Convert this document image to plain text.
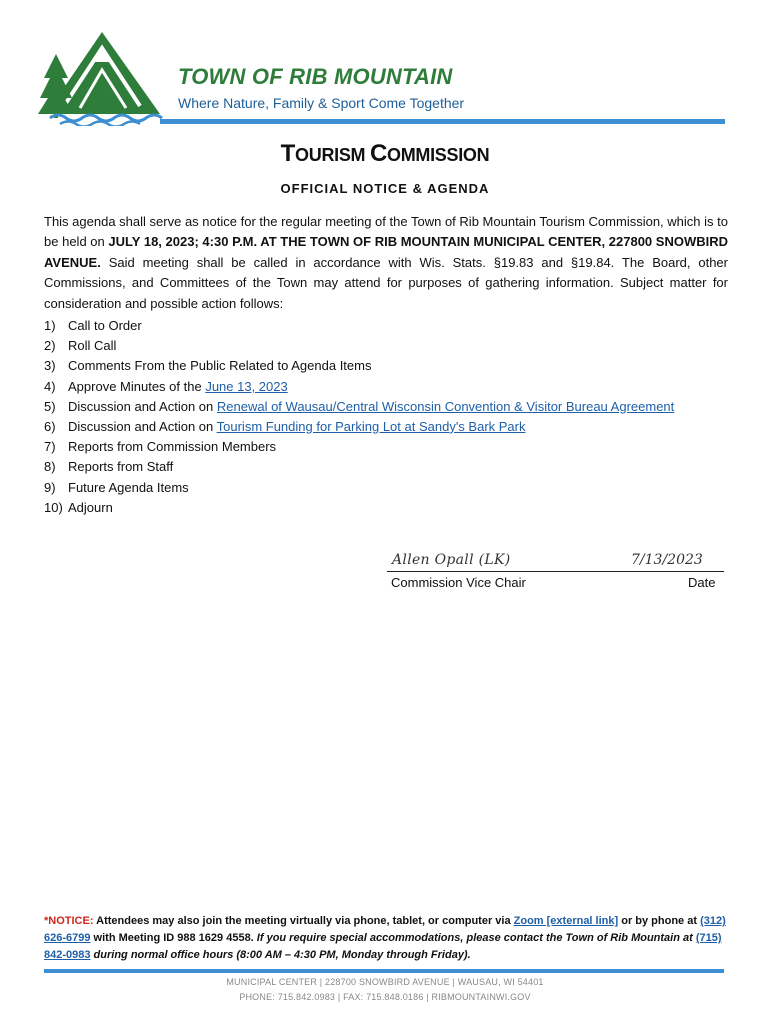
TOWN OF RIB MOUNTAIN
Where Nature, Family & Sport Come Together
TOURISM COMMISSION
OFFICIAL NOTICE & AGENDA

This agenda shall serve as notice for the regular meeting of the Town of Rib Mountain Tourism Commission, which is to be held on JULY 18, 2023; 4:30 P.M. AT THE TOWN OF RIB MOUNTAIN MUNICIPAL CENTER, 227800 SNOWBIRD AVENUE. Said meeting shall be called in accordance with Wis. Stats. §19.83 and §19.84. The Board, other Commissions, and Committees of the Town may attend for purposes of gathering information. Subject matter for consideration and possible action follows:

1) Call to Order
2) Roll Call
3) Comments From the Public Related to Agenda Items
4) Approve Minutes of the June 13, 2023
5) Discussion and Action on Renewal of Wausau/Central Wisconsin Convention & Visitor Bureau Agreement
6) Discussion and Action on Tourism Funding for Parking Lot at Sandy's Bark Park
7) Reports from Commission Members
8) Reports from Staff
9) Future Agenda Items
10) Adjourn
Allen Opall (LK)	7/13/2023
Commission Vice Chair	Date

*NOTICE: Attendees may also join the meeting virtually via phone, tablet, or computer via Zoom [external link] or by phone at (312) 626-6799 with Meeting ID 988 1629 4558. If you require special accommodations, please contact the Town of Rib Mountain at (715) 842-0983 during normal office hours (8:00 AM – 4:30 PM, Monday through Friday).

MUNICIPAL CENTER | 228700 SNOWBIRD AVENUE | WAUSAU, WI 54401
PHONE: 715.842.0983 | FAX: 715.848.0186 | RIBMOUNTAINWI.GOV
